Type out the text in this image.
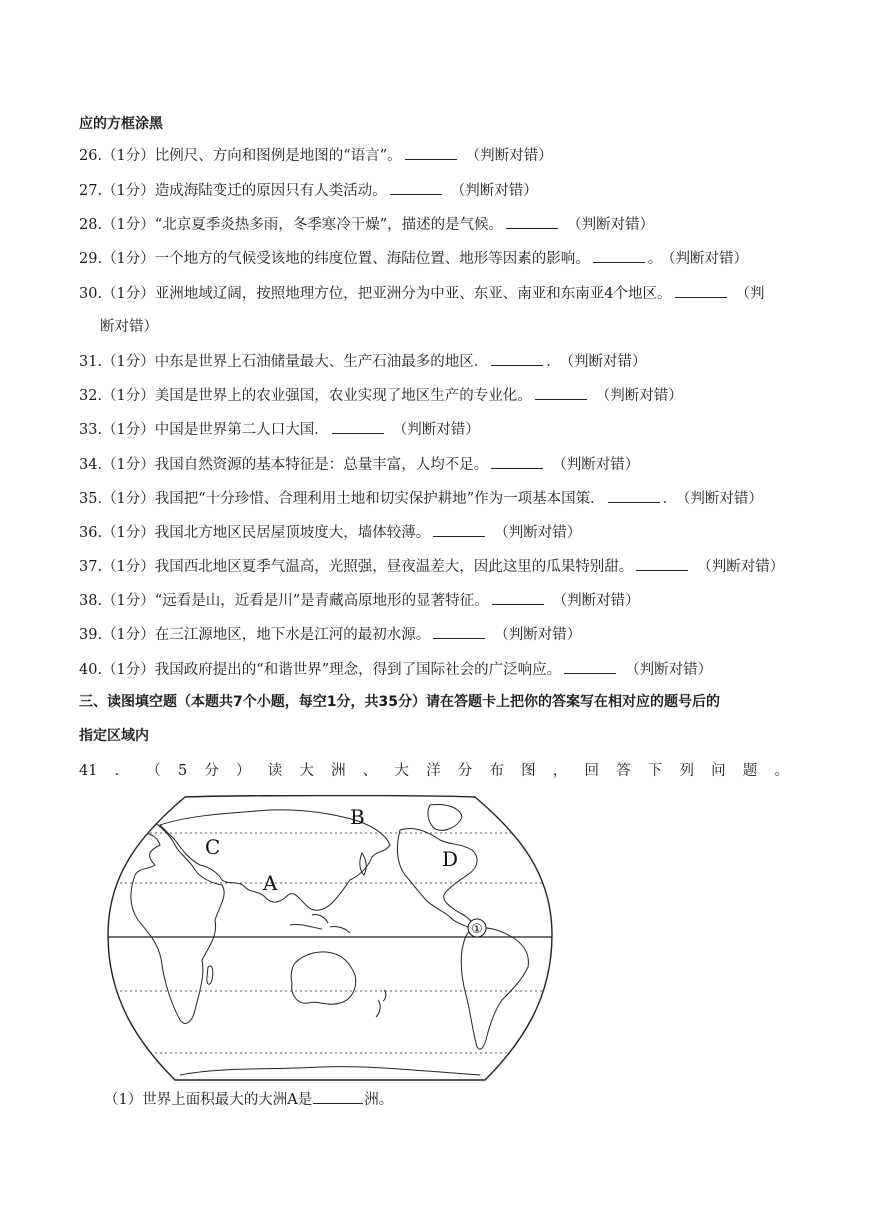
应的方框涂黑
26.（1分）比例尺、方向和图例是地图的“语言”。	（判断对错）
27.（1分）造成海陆变迁的原因只有人类活动。	（判断对错）
28.（1分）“北京夏季炎热多雨，冬季寒冷干燥”，描述的是气候。	（判断对错）
29.（1分）一个地方的气候受该地的纬度位置、海陆位置、地形等因素的影响。	。 （判断对错）
30.（1分）亚洲地域辽阔，按照地理方位，把亚洲分为中亚、东亚、南亚和东南亚4个地区。	（判
断对错）
31.（1分）中东是世界上石油储量最大、生产石油最多的地区．	． （判断对错）
32.（1分）美国是世界上的农业强国，农业实现了地区生产的专业化。	（判断对错）
33.（1分）中国是世界第二人口大国．	（判断对错）
34.（1分）我国自然资源的基本特征是：总量丰富，人均不足。	（判断对错）
35.（1分）我国把“十分珍惜、合理利用土地和切实保护耕地”作为一项基本国策．	． （判断对错）
36.（1分）我国北方地区民居屋顶坡度大，墙体较薄。	（判断对错）
37.（1分）我国西北地区夏季气温高，光照强，昼夜温差大，因此这里的瓜果特别甜。	（判断对错）
38.（1分）“远看是山，近看是川”是青藏高原地形的显著特征。	（判断对错）
39.（1分）在三江源地区，地下水是江河的最初水源。	（判断对错）
40.（1分）我国政府提出的“和谐世界”理念，得到了国际社会的广泛响应。	（判断对错）
三、读图填空题（本题共7个小题，每空1分，共35分）请在答题卡上把你的答案写在相对应的题号后的
指定区域内
41 ． （ 5 分 ） 读 大 洲 、 大 洋 分 布 图 ， 回 答 下 列 问 题 。
A
B
C	D
①
（1）世界上面积最大的大洲A是	洲。
